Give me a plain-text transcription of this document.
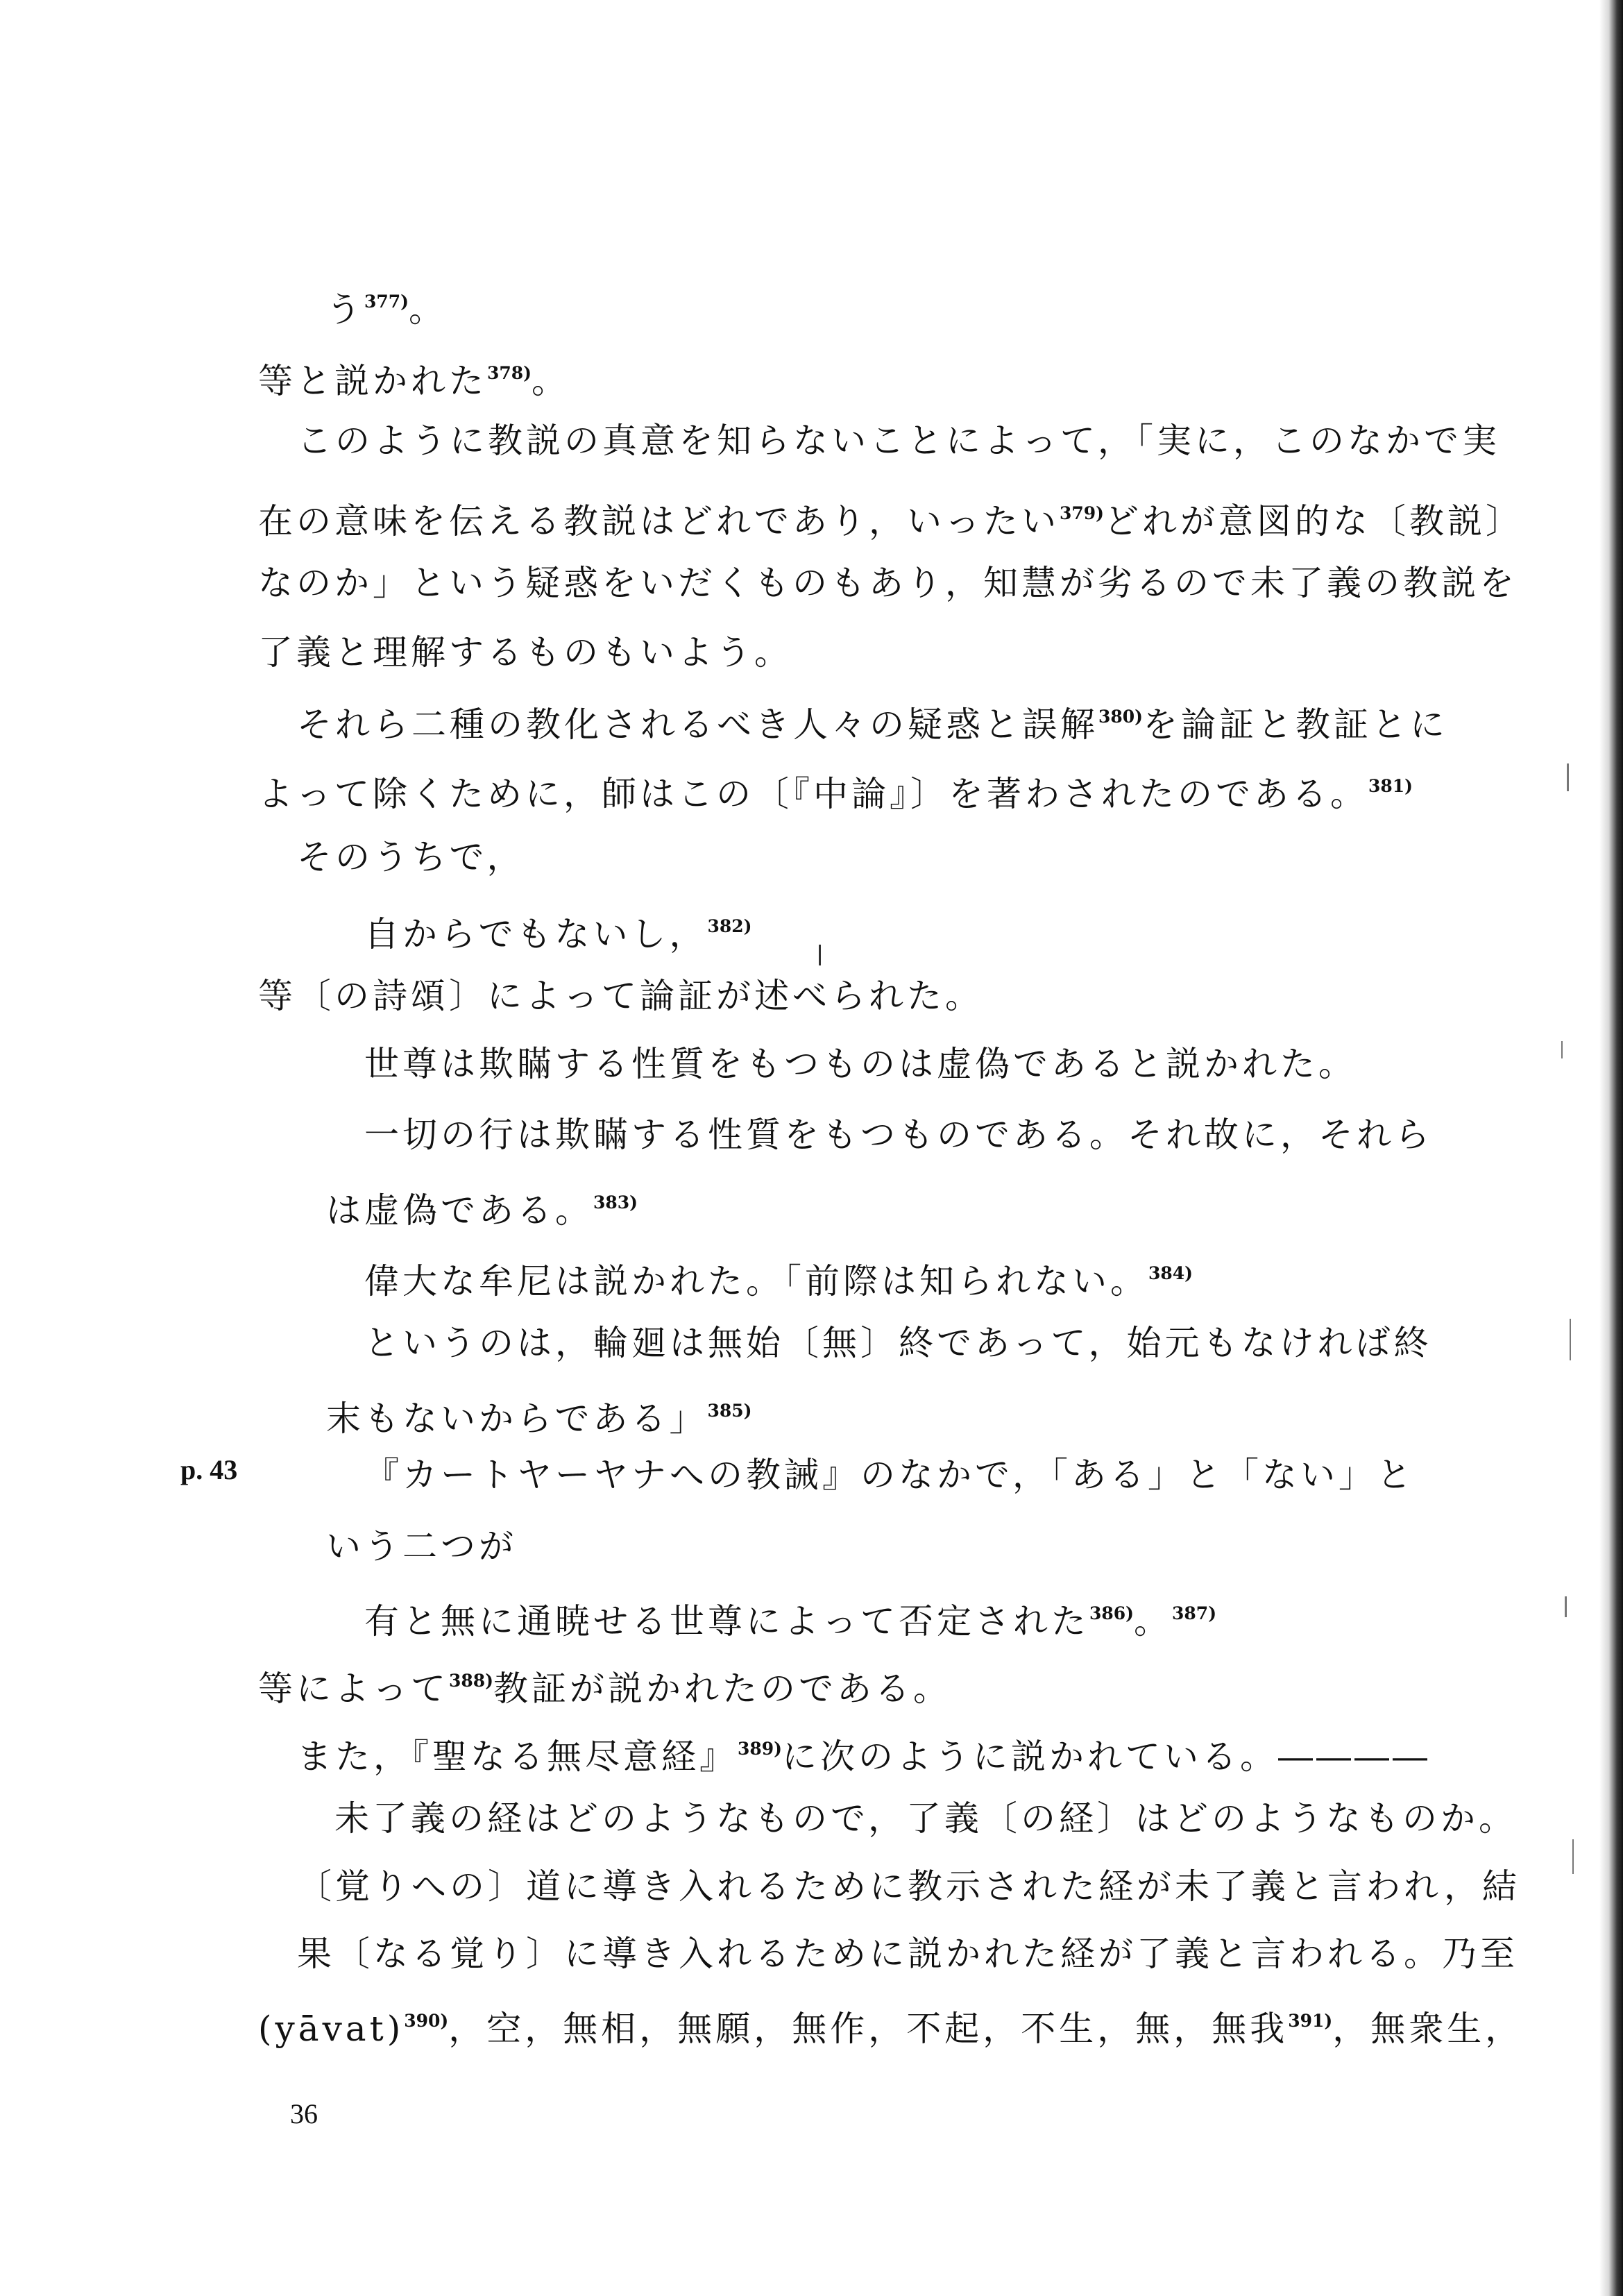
う$^{377)}$。
等と説かれた$^{378)}$。
このように教説の真意を知らないことによって，「実に，このなかで実
在の意味を伝える教説はどれであり，いったい$^{379)}$どれが意図的な〔教説〕
なのか」という疑惑をいだくものもあり，知慧が劣るので未了義の教説を
了義と理解するものもいよう。
それら二種の教化されるべき人々の疑惑と誤解$^{380)}$を論証と教証とに
よって除くために，師はこの〔『中論』〕を著わされたのである。$^{381)}$
そのうちで，
自からでもないし，$^{382)}$
等〔の詩頌〕によって論証が述べられた。
世尊は欺瞞する性質をもつものは虚偽であると説かれた。
一切の行は欺瞞する性質をもつものである。それ故に，それら
は虚偽である。$^{383)}$
偉大な牟尼は説かれた。「前際は知られない。$^{384)}$
というのは，輪廻は無始〔無〕終であって，始元もなければ終
末もないからである」$^{385)}$
『カートヤーヤナへの教誡』のなかで，「ある」と「ない」と
いう二つが
有と無に通暁せる世尊によって否定された$^{386)}$。$^{387)}$
等によって$^{388)}$教証が説かれたのである。
また，『聖なる無尽意経』$^{389)}$に次のように説かれている。――――
未了義の経はどのようなもので，了義〔の経〕はどのようなものか。
〔覚りへの〕道に導き入れるために教示された経が未了義と言われ，結
果〔なる覚り〕に導き入れるために説かれた経が了義と言われる。乃至
(yāvat)$^{390)}$，空，無相，無願，無作，不起，不生，無，無我$^{391)}$，無衆生，
p. 43
36
